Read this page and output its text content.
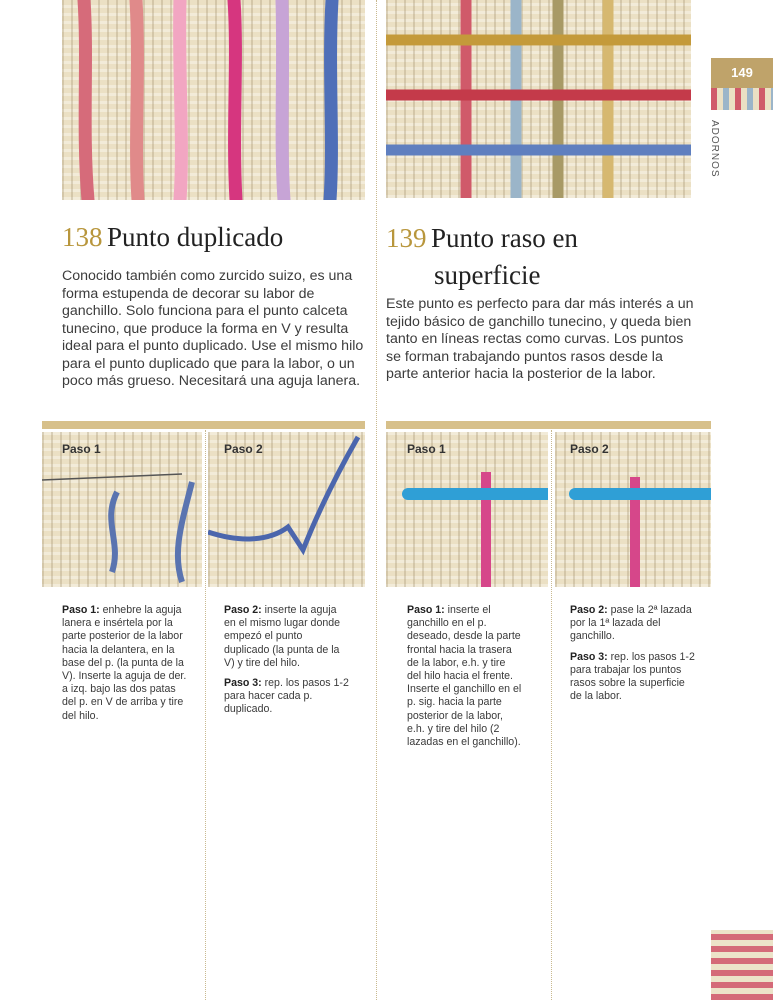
149
ADORNOS
138 Punto duplicado
Conocido también como zurcido suizo, es una forma estupenda de decorar su labor de ganchillo. Solo funciona para el punto calceta tunecino, que produce la forma en V y resulta ideal para el punto duplicado. Use el mismo hilo para el punto duplicado que para la labor, o un poco más grueso. Necesitará una aguja lanera.
139 Punto raso en
superficie
Este punto es perfecto para dar más interés a un tejido básico de ganchillo tunecino, y queda bien tanto en líneas rectas como curvas. Los puntos se forman trabajando puntos rasos desde la parte anterior hacia la posterior de la labor.
Paso 1	Paso 2	Paso 1	Paso 2

Paso 1: enhebre la aguja lanera e insértela por la parte posterior de la labor hacia la delantera, en la base del p. (la punta de la V). Inserte la aguja de der. a izq. bajo las dos patas del p. en V de arriba y tire del hilo.

Paso 2: inserte la aguja en el mismo lugar donde empezó el punto duplicado (la punta de la V) y tire del hilo.

Paso 3: rep. los pasos 1-2 para hacer cada p. duplicado.

Paso 1: inserte el ganchillo en el p. deseado, desde la parte frontal hacia la trasera de la labor, e.h. y tire del hilo hacia el frente. Inserte el ganchillo en el p. sig. hacia la parte posterior de la labor, e.h. y tire del hilo (2 lazadas en el ganchillo).

Paso 2: pase la 2ª lazada por la 1ª lazada del ganchillo.

Paso 3: rep. los pasos 1-2 para trabajar los puntos rasos sobre la superficie de la labor.
